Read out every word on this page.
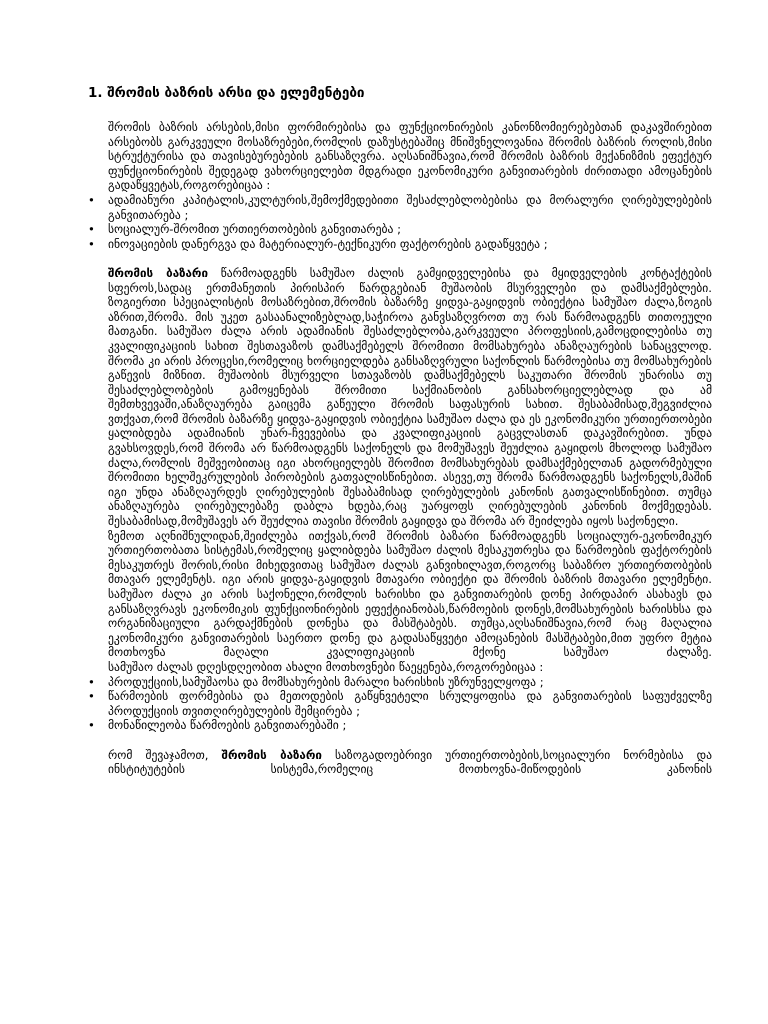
1. შრომის ბაზრის არსი და ელემენტები

შრომის ბაზრის არსების,მისი ფორმირებისა და ფუნქციონირების კანონზომიერებებთან დაკავშირებით არსებობს გარკვეული მოსაზრებები,რომლის დაზუსტებაშიც მნიშვნელოვანია შრომის ბაზრის როლის,მისი სტრუქტურისა და თავისებურებების განსაზღვრა. აღსანიშნავია,რომ შრომის ბაზრის მექანიზმის ეფექტურ ფუნქციონირების შედეგად ვახორციელებთ მდგრადი ეკონომიკური განვითარების ძირითადი ამოცანების გადაწყვეტას,როგორებიცაა :

• ადამიანური კაპიტალის,კულტურის,შემოქმედებითი შესაძლებლობებისა და მორალური ღირებულებების განვითარება ;
• სოციალურ-შრომით ურთიერთობების განვითარება ;
• ინოვაციების დანერგვა და მატერიალურ-ტექნიკური ფაქტორების გადაწყვეტა ;

შრომის ბაზარი წარმოადგენს სამუშაო ძალის გამყიდველებისა და მყიდველების კონტაქტების სფეროს,სადაც ერთმანეთის პირისპირ წარდგებიან მუშაობის მსურველები და დამსაქმებლები.

ზოგიერთი სპეციალისტის მოსაზრებით,შრომის ბაზარზე ყიდვა-გაყიდვის ობიექტია სამუშაო ძალა,ზოგის აზრით,შრომა. მის უკეთ გასაანალიზებლად,საჭიროა განვსაზღვროთ თუ რას წარმოადგენს თითოეული მათგანი. სამუშაო ძალა არის ადამიანის შესაძლებლობა,გარკვეული პროფესიის,გამოცდილებისა თუ კვალიფიკაციის სახით შესთავაზოს დამსაქმებელს შრომითი მომსახურება ანაზღაურების სანაცვლოდ. შრომა კი არის პროცესი,რომელიც ხორციელდება განსაზღვრული საქონლის წარმოებისა თუ მომსახურების გაწევის მიზნით. მუშაობის მსურველი სთავაზობს დამსაქმებელს საკუთარი შრომის უნარისა თუ შესაძლებლობების გამოყენებას შრომითი საქმიანობის განსახორციელებლად და ამ შემთხვევაში,ანაზღაურება გაიცემა გაწეული შრომის საფასურის სახით. შესაბამისად,შეგვიძლია ვთქვათ,რომ შრომის ბაზარზე ყიდვა-გაყიდვის ობიექტია სამუშაო ძალა და ეს ეკონომიკური ურთიერთობები ყალიბდება ადამიანის უნარ-ჩვევებისა და კვალიფიკაციის გაცვლასთან დაკავშირებით. უნდა გვახსოვდეს,რომ შრომა არ წარმოადგენს საქონელს და მომუშავეს შეუძლია გაყიდოს მხოლოდ სამუშაო ძალა,რომლის მეშვეობითაც იგი ახორციელებს შრომით მომსახურებას დამსაქმებელთან გადორმებული შრომითი ხელშეკრულების პირობების გათვალისწინებით. ასევე,თუ შრომა წარმოადგენს საქონელს,მაშინ იგი უნდა ანაზღაურდეს ღირებულების შესაბამისად ღირებულების კანონის გათვალისწინებით. თუმცა ანაზღაურება ღირებულებაზე დაბლა ხდება,რაც უარყოფს ღირებულების კანონის მოქმედებას. შესაბამისად,მომუშავეს არ შეუძლია თავისი შრომის გაყიდვა და შრომა არ შეიძლება იყოს საქონელი.

ზემოთ აღნიშნულიდან,შეიძლება ითქვას,რომ შრომის ბაზარი წარმოადგენს სოციალურ-ეკონომიკურ ურთიერთობათა სისტემას,რომელიც ყალიბდება სამუშაო ძალის მესაკუთრესა და წარმოების ფაქტორების მესაკუთრეს შორის,რისი მიხედვითაც სამუშაო ძალას განვიხილავთ,როგორც საბაზრო ურთიერთობების მთავარ ელემენტს. იგი არის ყიდვა-გაყიდვის მთავარი ობიექტი და შრომის ბაზრის მთავარი ელემენტი. სამუშაო ძალა კი არის საქონელი,რომლის ხარისხი და განვითარების დონე პირდაპირ ასახავს და განსაზღვრავს ეკონომიკის ფუნქციონირების ეფექტიანობას,წარმოების დონეს,მომსახურების ხარისხსა და ორგანიზაციული გარდაქმნების დონესა და მასშტაბებს. თუმცა,აღსანიშნავია,რომ რაც მაღალია ეკონომიკური განვითარების საერთო დონე და გადასაწყვეტი ამოცანების მასშტაბები,მით უფრო მეტია მოთხოვნა მაღალი კვალიფიკაციის მქონე სამუშაო ძალაზე.

სამუშაო ძალას დღესდღეობით ახალი მოთხოვნები წაეყენება,როგორებიცაა :

• პროდუქციის,სამუშაოსა და მომსახურების მარალი ხარისხის უზრუნველყოფა ;
• წარმოების ფორმებისა და მეთოდების გაწყნვეტელი სრულყოფისა და განვითარების საფუძველზე პროდუქციის თვითღირებულების შემცირება ;
• მონაწილეობა წარმოების განვითარებაში ;

რომ შევაჯამოთ, შრომის ბაზარი საზოგადოებრივი ურთიერთობების,სოციალური ნორმებისა და ინსტიტუტების სისტემა,რომელიც მოთხოვნა-მიწოდების კანონის
